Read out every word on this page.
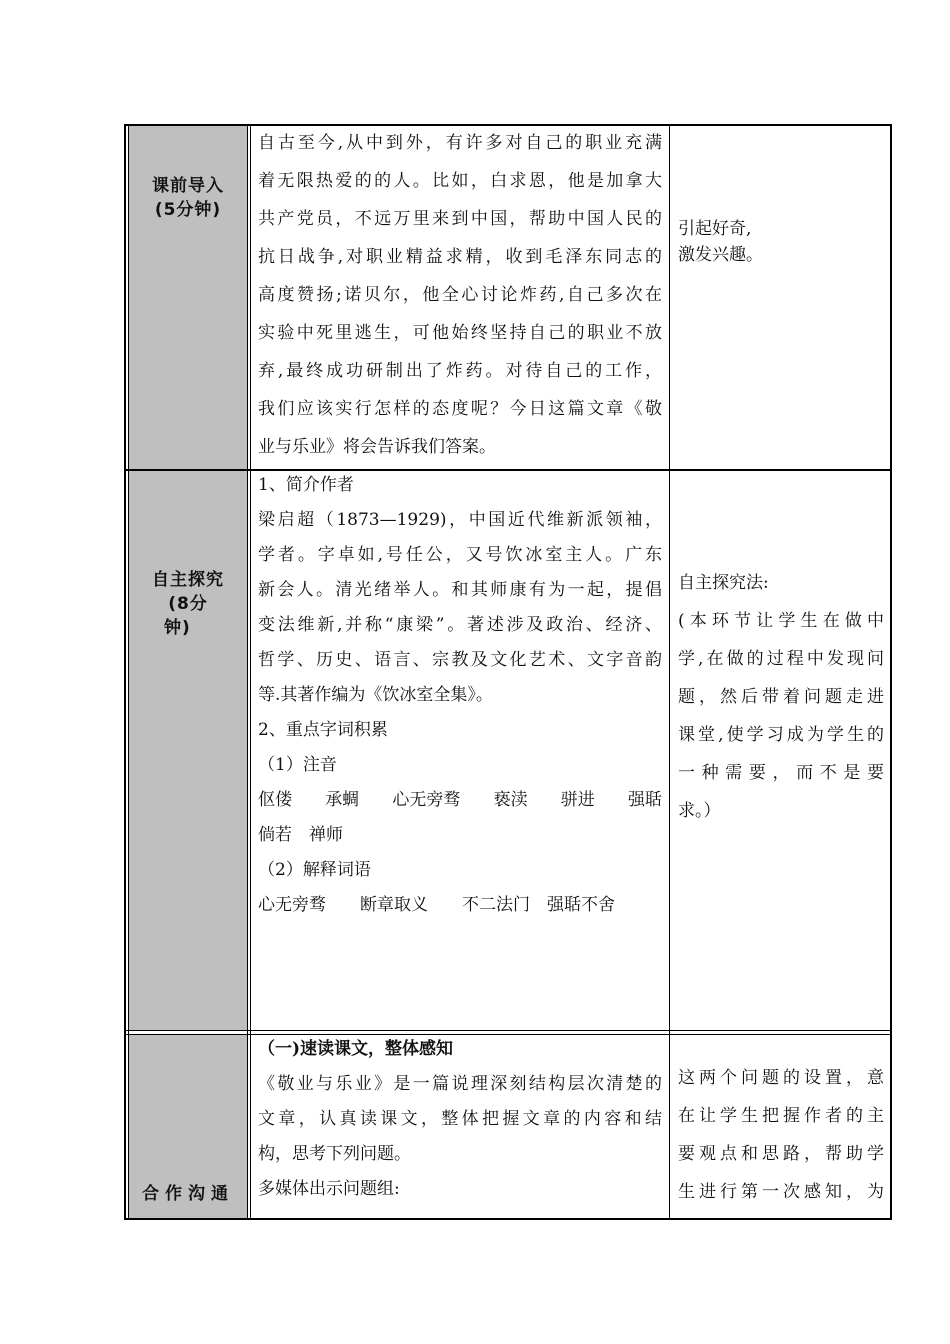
课前导入
(5分钟)
自古至今,从中到外，有许多对自己的职业充满
着无限热爱的的人。比如，白求恩，他是加拿大
共产党员，不远万里来到中国，帮助中国人民的
抗日战争,对职业精益求精，收到毛泽东同志的
高度赞扬;诺贝尔，他全心讨论炸药,自己多次在
实验中死里逃生，可他始终坚持自己的职业不放
弃,最终成功研制出了炸药。对待自己的工作，
我们应该实行怎样的态度呢？今日这篇文章《敬
业与乐业》将会告诉我们答案。
引起好奇,
激发兴趣。
自主探究
(8分
钟)
1、简介作者
梁启超（1873—1929)，中国近代维新派领袖，
学者。字卓如,号任公，又号饮冰室主人。广东
新会人。清光绪举人。和其师康有为一起，提倡
变法维新,并称“康梁”。著述涉及政治、经济、
哲学、历史、语言、宗教及文化艺术、文字音韵
等.其著作编为《饮冰室全集》。
2、重点字词积累
（1）注音
伛偻 承蜩 心无旁骛 亵渎 骈进 强聒
倘若　禅师
（2）解释词语
心无旁骛　　断章取义　　不二法门　强聒不舍
自主探究法:
(本环节让学生在做中
学,在做的过程中发现问
题，然后带着问题走进
课堂,使学习成为学生的
一种需要，而不是要
求。）
合作沟通
（一)速读课文，整体感知
《敬业与乐业》是一篇说理深刻结构层次清楚的
文章，认真读课文，整体把握文章的内容和结
构，思考下列问题。
多媒体出示问题组:
这两个问题的设置，意
在让学生把握作者的主
要观点和思路，帮助学
生进行第一次感知，为
